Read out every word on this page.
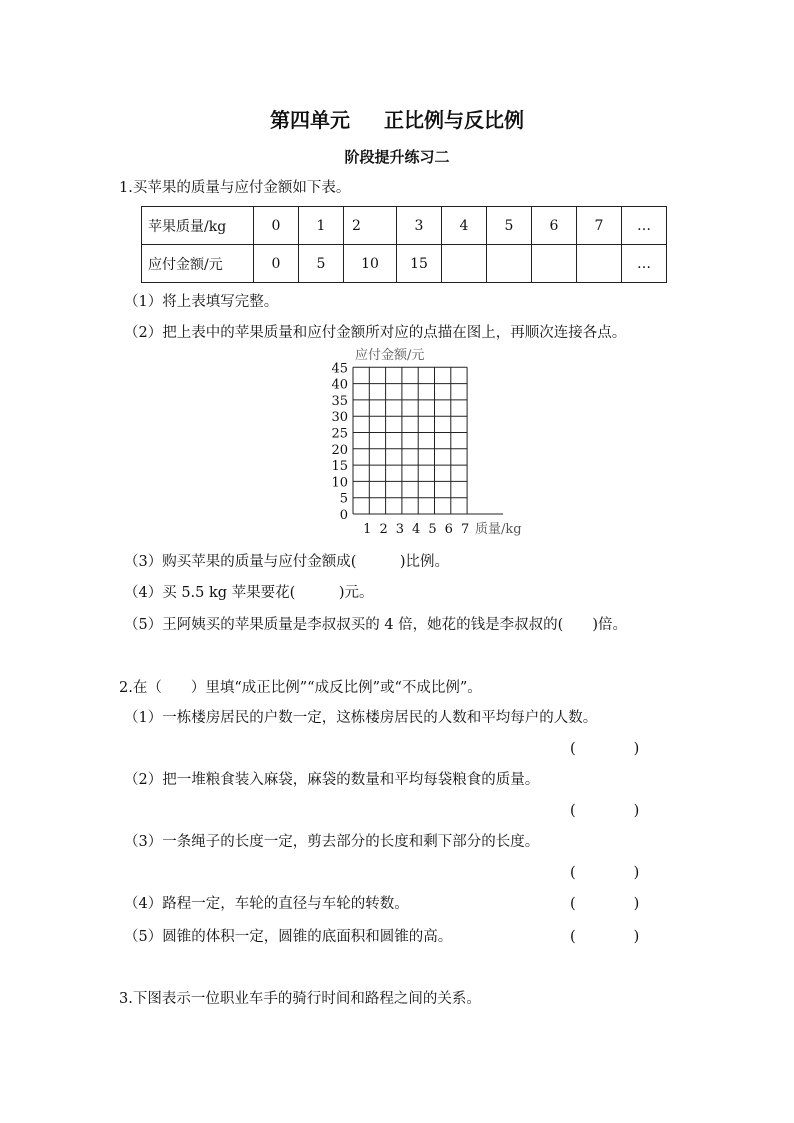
第四单元 正比例与反比例
阶段提升练习二
1.买苹果的质量与应付金额如下表。
苹果质量/kg	0	1	2	3	4	5	6	7	…
应付金额/元	0	5	10	15					…
（1）将上表填写完整。
（2）把上表中的苹果质量和应付金额所对应的点描在图上，再顺次连接各点。
应付金额/元
质量/kg
0
5
10
15
20
25
30
35
40
45
1 2 3 4 5 6 7
（3）购买苹果的质量与应付金额成(　　　)比例。
（4）买 5.5 kg 苹果要花(　　　)元。
（5）王阿姨买的苹果质量是李叔叔买的 4 倍，她花的钱是李叔叔的(　　)倍。
2.在（　　）里填“成正比例”“成反比例”或“不成比例”。
（1）一栋楼房居民的户数一定，这栋楼房居民的人数和平均每户的人数。
(　　　　)
（2）把一堆粮食装入麻袋，麻袋的数量和平均每袋粮食的质量。
(　　　　)
（3）一条绳子的长度一定，剪去部分的长度和剩下部分的长度。
(　　　　)
（4）路程一定，车轮的直径与车轮的转数。	(　　　　)
（5）圆锥的体积一定，圆锥的底面积和圆锥的高。	(　　　　)
3.下图表示一位职业车手的骑行时间和路程之间的关系。
